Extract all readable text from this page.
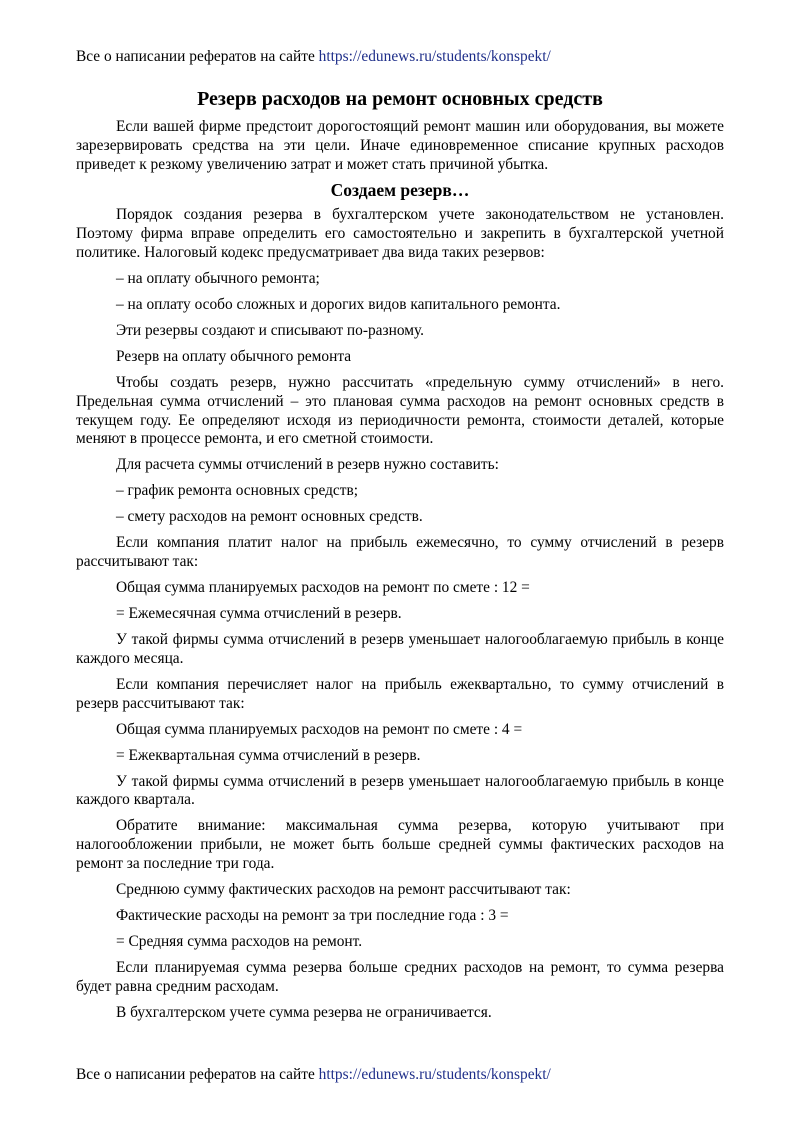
Все о написании рефератов на сайте https://edunews.ru/students/konspekt/
Резерв расходов на ремонт основных средств

Если вашей фирме предстоит дорогостоящий ремонт машин или оборудования, вы можете зарезервировать средства на эти цели. Иначе единовременное списание крупных расходов приведет к резкому увеличению затрат и может стать причиной убытка.

Создаем резерв…

Порядок создания резерва в бухгалтерском учете законодательством не установлен. Поэтому фирма вправе определить его самостоятельно и закрепить в бухгалтерской учетной политике. Налоговый кодекс предусматривает два вида таких резервов:

– на оплату обычного ремонта;

– на оплату особо сложных и дорогих видов капитального ремонта.

Эти резервы создают и списывают по-разному.

Резерв на оплату обычного ремонта

Чтобы создать резерв, нужно рассчитать «предельную сумму отчислений» в него. Предельная сумма отчислений – это плановая сумма расходов на ремонт основных средств в текущем году. Ее определяют исходя из периодичности ремонта, стоимости деталей, которые меняют в процессе ремонта, и его сметной стоимости.

Для расчета суммы отчислений в резерв нужно составить:

– график ремонта основных средств;

– смету расходов на ремонт основных средств.

Если компания платит налог на прибыль ежемесячно, то сумму отчислений в резерв рассчитывают так:

Общая сумма планируемых расходов на ремонт по смете : 12 =

= Ежемесячная сумма отчислений в резерв.

У такой фирмы сумма отчислений в резерв уменьшает налогооблагаемую прибыль в конце каждого месяца.

Если компания перечисляет налог на прибыль ежеквартально, то сумму отчислений в резерв рассчитывают так:

Общая сумма планируемых расходов на ремонт по смете : 4 =

= Ежеквартальная сумма отчислений в резерв.

У такой фирмы сумма отчислений в резерв уменьшает налогооблагаемую прибыль в конце каждого квартала.

Обратите внимание: максимальная сумма резерва, которую учитывают при налогообложении прибыли, не может быть больше средней суммы фактических расходов на ремонт за последние три года.

Среднюю сумму фактических расходов на ремонт рассчитывают так:

Фактические расходы на ремонт за три последние года : 3 =

= Средняя сумма расходов на ремонт.

Если планируемая сумма резерва больше средних расходов на ремонт, то сумма резерва будет равна средним расходам.

В бухгалтерском учете сумма резерва не ограничивается.

Все о написании рефератов на сайте https://edunews.ru/students/konspekt/
